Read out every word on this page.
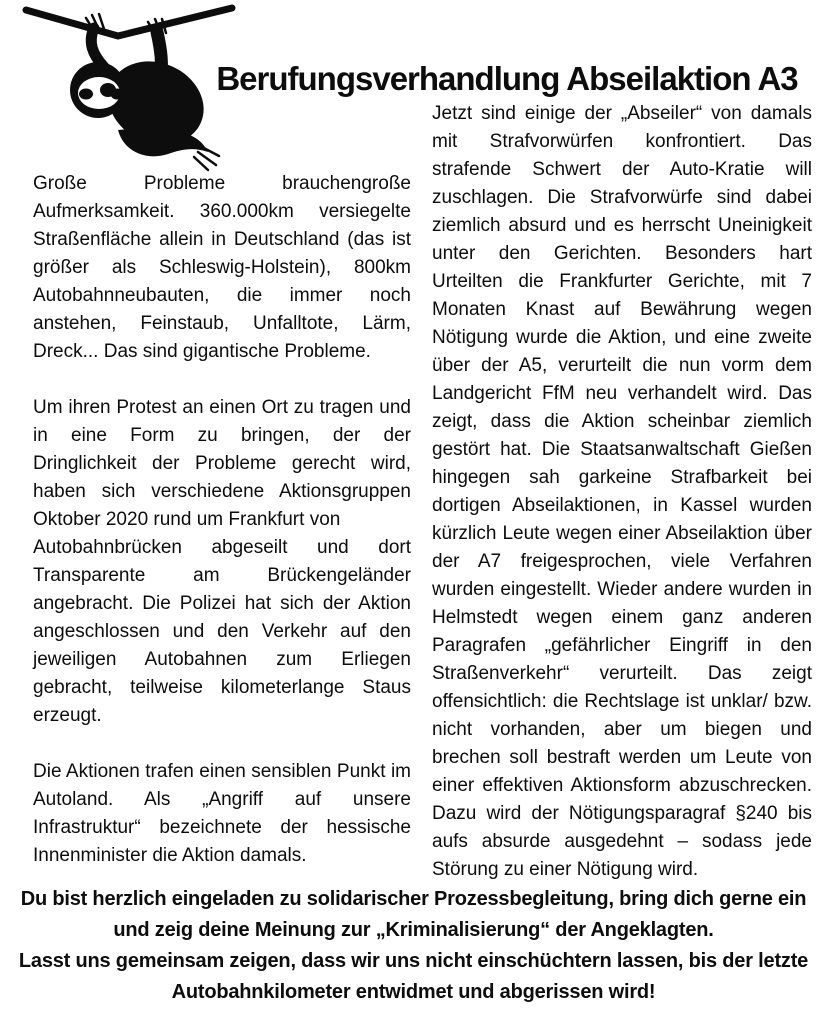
Berufungsverhandlung Abseilaktion A3

Große Probleme brauchengroße Aufmerksamkeit. 360.000km versiegelte Straßenfläche allein in Deutschland (das ist größer als Schleswig-Holstein), 800km Autobahnneubauten, die immer noch anstehen, Feinstaub, Unfalltote, Lärm, Dreck... Das sind gigantische Probleme.

Um ihren Protest an einen Ort zu tragen und in eine Form zu bringen, der der Dringlichkeit der Probleme gerecht wird, haben sich verschiedene Aktionsgruppen Oktober 2020 rund um Frankfurt von

Autobahnbrücken abgeseilt und dort Transparente am Brückengeländer angebracht. Die Polizei hat sich der Aktion angeschlossen und den Verkehr auf den jeweiligen Autobahnen zum Erliegen gebracht, teilweise kilometerlange Staus erzeugt.

Die Aktionen trafen einen sensiblen Punkt im Autoland. Als „Angriff auf unsere Infrastruktur“ bezeichnete der hessische Innenminister die Aktion damals.

Jetzt sind einige der „Abseiler“ von damals mit Strafvorwürfen konfrontiert. Das strafende Schwert der Auto-Kratie will zuschlagen. Die Strafvorwürfe sind dabei ziemlich absurd und es herrscht Uneinigkeit unter den Gerichten. Besonders hart Urteilten die Frankfurter Gerichte, mit 7 Monaten Knast auf Bewährung wegen Nötigung wurde die Aktion, und eine zweite über der A5, verurteilt die nun vorm dem Landgericht FfM neu verhandelt wird. Das zeigt, dass die Aktion scheinbar ziemlich gestört hat. Die Staatsanwaltschaft Gießen hingegen sah garkeine Strafbarkeit bei dortigen Abseilaktionen, in Kassel wurden kürzlich Leute wegen einer Abseilaktion über der A7 freigesprochen, viele Verfahren wurden eingestellt. Wieder andere wurden in Helmstedt wegen einem ganz anderen Paragrafen „gefährlicher Eingriff in den Straßenverkehr“ verurteilt. Das zeigt offensichtlich: die Rechtslage ist unklar/ bzw. nicht vorhanden, aber um biegen und brechen soll bestraft werden um Leute von einer effektiven Aktionsform abzuschrecken. Dazu wird der Nötigungsparagraf §240 bis aufs absurde ausgedehnt – sodass jede Störung zu einer Nötigung wird.

Du bist herzlich eingeladen zu solidarischer Prozessbegleitung, bring dich gerne ein und zeig deine Meinung zur „Kriminalisierung“ der Angeklagten.

Lasst uns gemeinsam zeigen, dass wir uns nicht einschüchtern lassen, bis der letzte Autobahnkilometer entwidmet und abgerissen wird!
